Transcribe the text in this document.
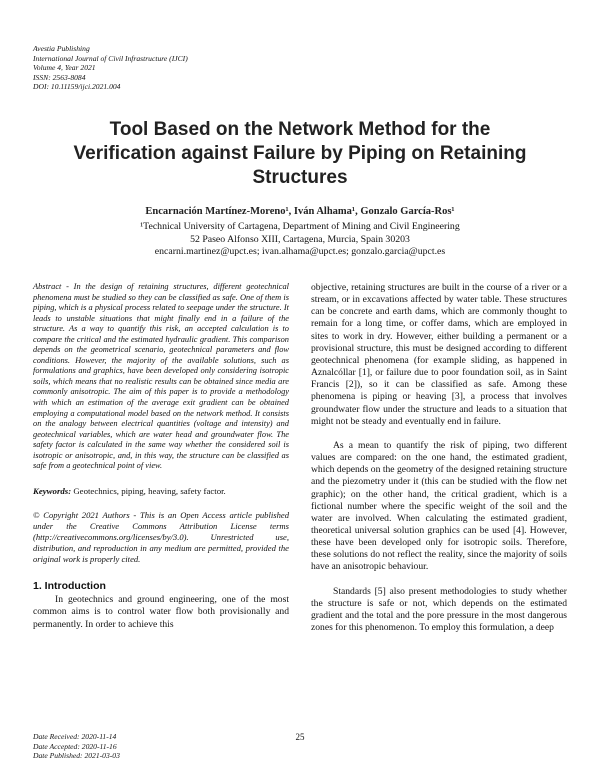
Avestia Publishing
International Journal of Civil Infrastructure (IJCI)
Volume 4, Year 2021
ISSN: 2563-8084
DOI: 10.11159/ijci.2021.004
Tool Based on the Network Method for the
Verification against Failure by Piping on Retaining
Structures
Encarnación Martínez-Moreno¹, Iván Alhama¹, Gonzalo García-Ros¹
¹Technical University of Cartagena, Department of Mining and Civil Engineering
52 Paseo Alfonso XIII, Cartagena, Murcia, Spain 30203
encarni.martinez@upct.es; ivan.alhama@upct.es; gonzalo.garcia@upct.es

Abstract - In the design of retaining structures, different geotechnical phenomena must be studied so they can be classified as safe. One of them is piping, which is a physical process related to seepage under the structure. It leads to unstable situations that might finally end in a failure of the structure. As a way to quantify this risk, an accepted calculation is to compare the critical and the estimated hydraulic gradient. This comparison depends on the geometrical scenario, geotechnical parameters and flow conditions. However, the majority of the available solutions, such as formulations and graphics, have been developed only considering isotropic soils, which means that no realistic results can be obtained since media are commonly anisotropic. The aim of this paper is to provide a methodology with which an estimation of the average exit gradient can be obtained employing a computational model based on the network method. It consists on the analogy between electrical quantities (voltage and intensity) and geotechnical variables, which are water head and groundwater flow. The safety factor is calculated in the same way whether the considered soil is isotropic or anisotropic, and, in this way, the structure can be classified as safe from a geotechnical point of view.

Keywords: Geotechnics, piping, heaving, safety factor.

© Copyright 2021 Authors - This is an Open Access article published under the Creative Commons Attribution License terms (http://creativecommons.org/licenses/by/3.0). Unrestricted use, distribution, and reproduction in any medium are permitted, provided the original work is properly cited.

1. Introduction

In geotechnics and ground engineering, one of the most common aims is to control water flow both provisionally and permanently. In order to achieve this

objective, retaining structures are built in the course of a river or a stream, or in excavations affected by water table. These structures can be concrete and earth dams, which are commonly thought to remain for a long time, or coffer dams, which are employed in sites to work in dry. However, either building a permanent or a provisional structure, this must be designed according to different geotechnical phenomena (for example sliding, as happened in Aznalcóllar [1], or failure due to poor foundation soil, as in Saint Francis [2]), so it can be classified as safe. Among these phenomena is piping or heaving [3], a process that involves groundwater flow under the structure and leads to a situation that might not be steady and eventually end in failure.

As a mean to quantify the risk of piping, two different values are compared: on the one hand, the estimated gradient, which depends on the geometry of the designed retaining structure and the piezometry under it (this can be studied with the flow net graphic); on the other hand, the critical gradient, which is a fictional number where the specific weight of the soil and the water are involved. When calculating the estimated gradient, theoretical universal solution graphics can be used [4]. However, these have been developed only for isotropic soils. Therefore, these solutions do not reflect the reality, since the majority of soils have an anisotropic behaviour.

Standards [5] also present methodologies to study whether the structure is safe or not, which depends on the estimated gradient and the total and the pore pressure in the most dangerous zones for this phenomenon. To employ this formulation, a deep

25
Date Received: 2020-11-14
Date Accepted: 2020-11-16
Date Published: 2021-03-03
